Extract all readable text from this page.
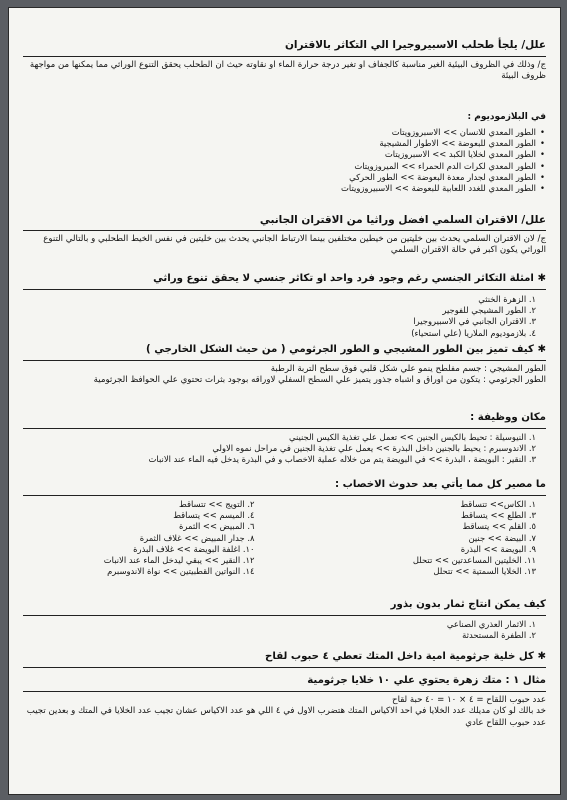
علل/ يلجأ طحلب الاسبيروجيرا الي التكاثر بالاقتران
ج/ وذلك في الظروف البيئية الغير مناسبة كالجفاف او تغير درجة حرارة الماء او نقاوته حيث ان الطحلب يحقق التنوع الوراثي مما يمكنها من مواجهة ظروف البيئة
في البلازموديوم :
• الطور المعدي للانسان >> الاسبروزويتات
• الطور المعدي للبعوضة >> الاطوار المشيجية
• الطور المعدي لخلايا الكبد >> الاسبروزيتات
• الطور المعدي لكرات الدم الحمراء >> الميروزويتات
• الطور المعدي لجدار معدة البعوضة >> الطور الحركي
• الطور المعدي للغدد اللعابية للبعوضة >> الاسبيروزويتات
علل/ الاقتران السلمي افضل وراثيا من الاقتران الجانبي
ج/ لان الاقتران السلمي يحدث بين خليتين من خيطين مختلفين بينما الارتباط الجانبي يحدث بين خليتين في نفس الخيط الطحلبي و بالتالي التنوع الوراثي يكون اكبر في حالة الاقتران السلمي
✱ امثلة التكاثر الجنسي رغم وجود فرد واحد او تكاثر جنسي لا يحقق تنوع وراثي
١. الزهرة الخنثي
٢. الطور المشيجي للفوجير
٣. الاقتران الجانبي في الاسبيروجيرا
٤. بلازموديوم الملاريا (علي استحياء)
✱ كيف تميز بين الطور المشيجي و الطور الجرثومي ( من حيث الشكل الخارجي )
الطور المشيجي : جسم مفلطح ينمو علي شكل قلبي فوق سطح التربة الرطبة
الطور الجرثومي : يتكون من اوراق و اشباه جذور يتميز علي السطح السفلي لاوراقه بوجود بثرات تحتوي علي الحوافظ الجرثومية
مكان ووظيفة :
١. النيوسيلة : تحيط بالكيس الجنين >> تعمل علي تغذية الكيس الجنيني
٢. الاندوسبرم : يحيط بالجنين داخل البذرة >> يعمل علي تغذية الجنين في مراحل نموه الاولي
٣. النقير : البويضة ، البذرة >> في البويضة يتم من خلاله عملية الاخصاب و في البذرة يدخل فيه الماء عند الانبات
ما مصير كل مما يأتي بعد حدوث الاخصاب :
١. الكاس>> تتساقط
٣. الطلع >> يتساقط
٥. القلم >> يتساقط
٧. البيضة >> جنين
٩. البويضة >> البذرة
١١. الخليتين المساعدتين >> تتحلل
١٣. الخلايا السمتية >> تتحلل
٢. التويج >> تتساقط
٤. الميسم >> يتساقط
٦. المبيض >> الثمرة
٨. جدار المبيض >> غلاف الثمرة
١٠. اغلفة البويضة >> غلاف البذرة
١٢. النقير >> يبقي ليدخل الماء عند الانبات
١٤. النواتين القطبيتين >> نواة الاندوسبرم
كيف يمكن انتاج ثمار بدون بذور
١. الاثمار العذري الصناعي
٢. الطفرة المستحدثة
✱ كل خلية جرثومية امية داخل المتك تعطي ٤ حبوب لقاح
مثال ١ : متك زهرة يحتوي علي ١٠ خلايا جرثومية
عدد حبوب اللقاح = ٤ × ١٠ = ٤٠ حبة لقاح
خد بالك لو كان مديلك عدد الخلايا في احد الاكياس المتك هتضرب الاول في ٤ اللي هو عدد الاكياس عشان تجيب عدد الخلايا في المتك و بعدين تجيب عدد حبوب اللقاح عادي
